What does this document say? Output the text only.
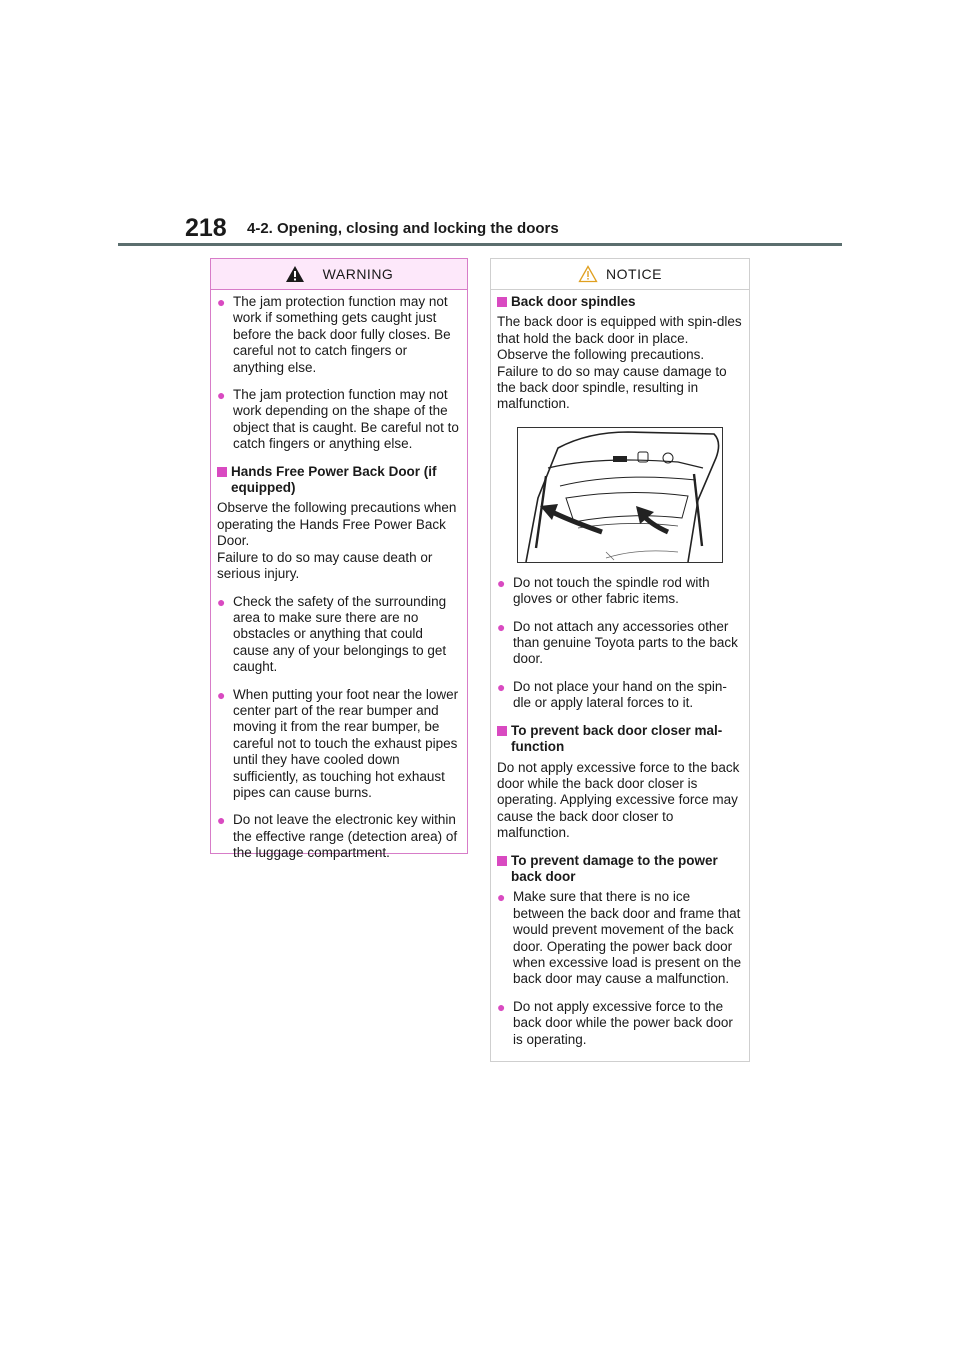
218 4-2. Opening, closing and locking the doors
WARNING
● The jam protection function may not work if something gets caught just before the back door fully closes. Be careful not to catch fingers or anything else.
● The jam protection function may not work depending on the shape of the object that is caught. Be careful not to catch fingers or anything else.
Hands Free Power Back Door (if equipped)
Observe the following precautions when operating the Hands Free Power Back Door.
Failure to do so may cause death or serious injury.
● Check the safety of the surrounding area to make sure there are no obstacles or anything that could cause any of your belongings to get caught.
● When putting your foot near the lower center part of the rear bumper and moving it from the rear bumper, be careful not to touch the exhaust pipes until they have cooled down sufficiently, as touching hot exhaust pipes can cause burns.
● Do not leave the electronic key within the effective range (detection area) of the luggage compartment.
NOTICE
Back door spindles
The back door is equipped with spin-dles that hold the back door in place. Observe the following precautions. Failure to do so may cause damage to the back door spindle, resulting in malfunction.
● Do not touch the spindle rod with gloves or other fabric items.
● Do not attach any accessories other than genuine Toyota parts to the back door.
● Do not place your hand on the spin-dle or apply lateral forces to it.
To prevent back door closer mal-function
Do not apply excessive force to the back door while the back door closer is operating. Applying excessive force may cause the back door closer to malfunction.
To prevent damage to the power back door
● Make sure that there is no ice between the back door and frame that would prevent movement of the back door. Operating the power back door when excessive load is present on the back door may cause a malfunction.
● Do not apply excessive force to the back door while the power back door is operating.
